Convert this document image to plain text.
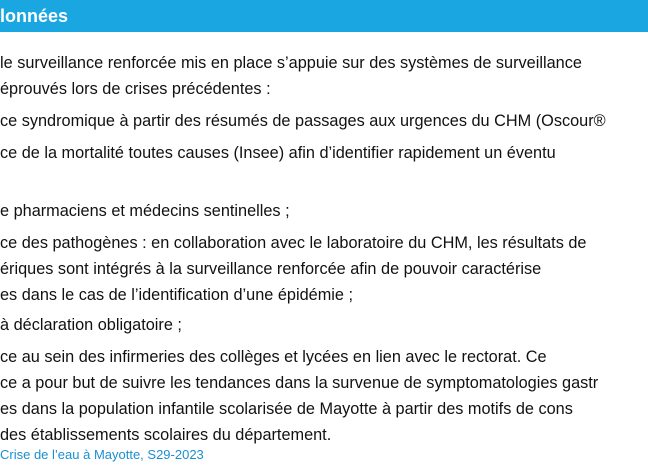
lonnées
le surveillance renforcée mis en place s’appuie sur des systèmes de surveillance
éprouvés lors de crises précédentes :
ce syndromique à partir des résumés de passages aux urgences du CHM (Oscour®
ce de la mortalité toutes causes (Insee) afin d’identifier rapidement un éventu
e pharmaciens et médecins sentinelles ;
ce des pathogènes : en collaboration avec le laboratoire du CHM, les résultats de
ériques sont intégrés à la surveillance renforcée afin de pouvoir caractérise
es dans le cas de l’identification d’une épidémie ;
à déclaration obligatoire ;
ce au sein des infirmeries des collèges et lycées en lien avec le rectorat. Ce
ce a pour but de suivre les tendances dans la survenue de symptomatologies gastr
es dans la population infantile scolarisée de Mayotte à partir des motifs de cons
des établissements scolaires du département.
Crise de l’eau à Mayotte, S29-2023
